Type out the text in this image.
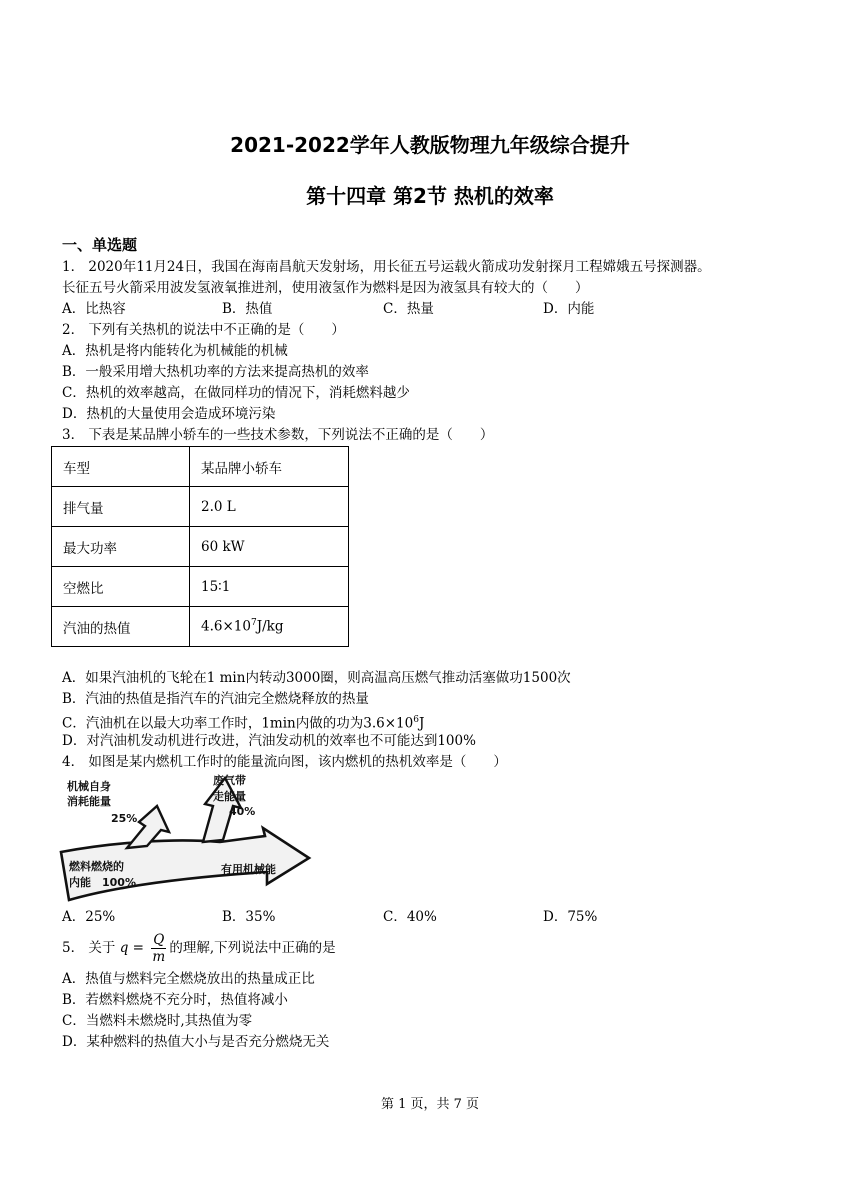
2021-2022学年人教版物理九年级综合提升
第十四章 第2节 热机的效率
一、单选题
1． 2020年11月24日，我国在海南昌航天发射场，用长征五号运载火箭成功发射探月工程嫦娥五号探测器。
长征五号火箭采用波发氢液氧推进剂，使用液氢作为燃料是因为液氢具有较大的（　　）
A．比热容	B．热值	C．热量	D．内能
2． 下列有关热机的说法中不正确的是（　　）
A．热机是将内能转化为机械能的机械
B．一般采用增大热机功率的方法来提高热机的效率
C．热机的效率越高，在做同样功的情况下，消耗燃料越少
D．热机的大量使用会造成环境污染
3． 下表是某品牌小轿车的一些技术参数，下列说法不正确的是（　　）
车型	某品牌小轿车
排气量	2.0 L
最大功率	60 kW
空燃比	15∶1
汽油的热值	$4.6\times 10^7J/kg$
A．如果汽油机的飞轮在1 min内转动3000圈，则高温高压燃气推动活塞做功1500次
B．汽油的热值是指汽车的汽油完全燃烧释放的热量
C．汽油机在以最大功率工作时，1min内做的功为$3.6\times 10^6J$
D．对汽油机发动机进行改进，汽油发动机的效率也不可能达到100%
4． 如图是某内燃机工作时的能量流向图，该内燃机的热机效率是（　　）
机械自身
消耗能量
25%
废气带
走能量
40%
燃料燃烧的
内能　100%
有用机械能
A．25%	B．35%	C．40%	D．75%
5． 关于 $q = \frac{Q}{m}$ 的理解,下列说法中正确的是
A．热值与燃料完全燃烧放出的热量成正比
B．若燃料燃烧不充分时，热值将减小
C．当燃料未燃烧时,其热值为零
D．某种燃料的热值大小与是否充分燃烧无关
第 1 页，共 7 页
